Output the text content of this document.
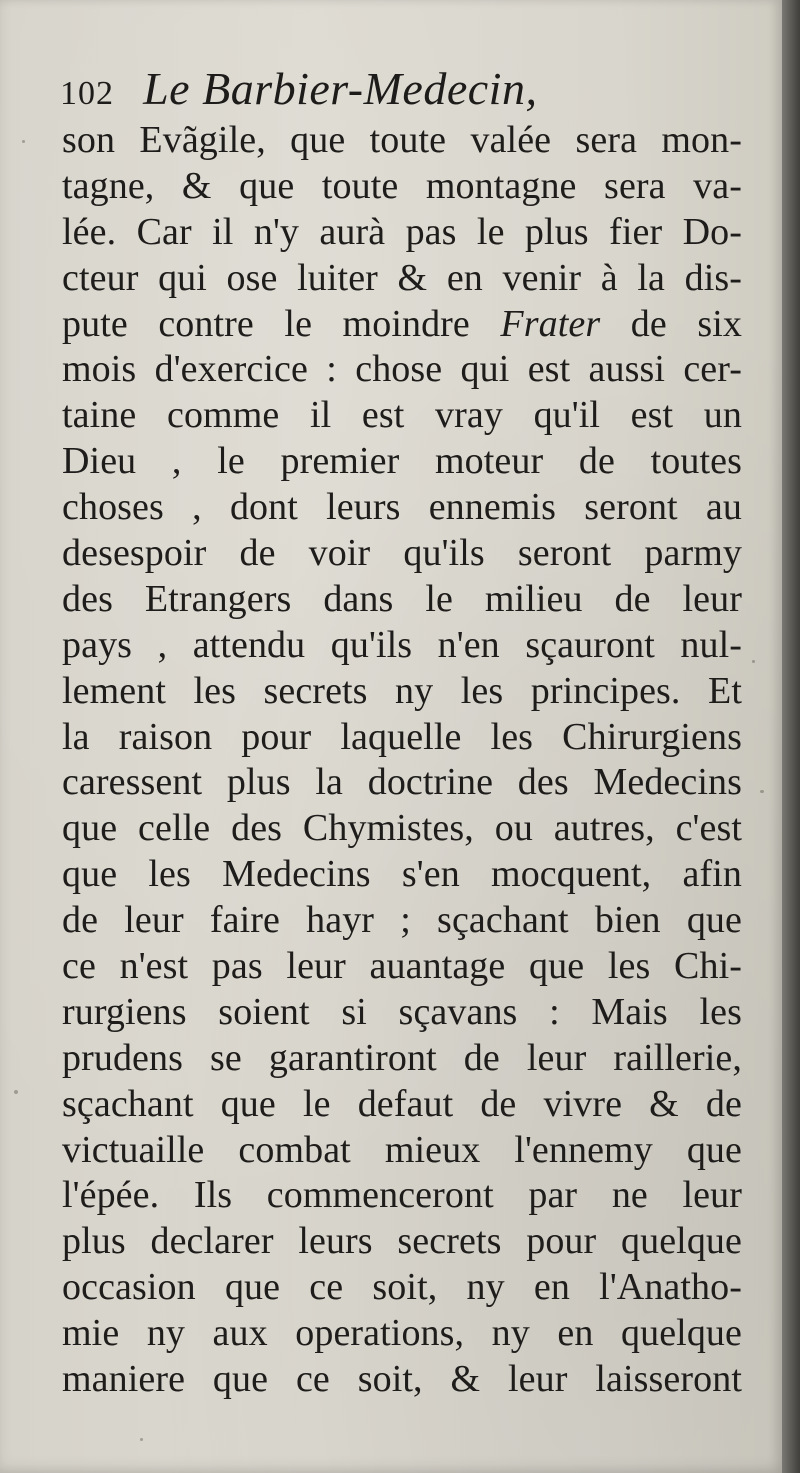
102 Le Barbier-Medecin,
son Evãgile, que toute valée sera mon-
tagne, & que toute montagne sera va-
lée. Car il n'y aurà pas le plus fier Do-
cteur qui ose luiter & en venir à la dis-
pute contre le moindre Frater de six
mois d'exercice : chose qui est aussi cer-
taine comme il est vray qu'il est un
Dieu , le premier moteur de toutes
choses , dont leurs ennemis seront au
desespoir de voir qu'ils seront parmy
des Etrangers dans le milieu de leur
pays , attendu qu'ils n'en sçauront nul-
lement les secrets ny les principes. Et
la raison pour laquelle les Chirurgiens
caressent plus la doctrine des Medecins
que celle des Chymistes, ou autres, c'est
que les Medecins s'en mocquent, afin
de leur faire hayr ; sçachant bien que
ce n'est pas leur auantage que les Chi-
rurgiens soient si sçavans : Mais les
prudens se garantiront de leur raillerie,
sçachant que le defaut de vivre & de
victuaille combat mieux l'ennemy que
l'épée. Ils commenceront par ne leur
plus declarer leurs secrets pour quelque
occasion que ce soit, ny en l'Anatho-
mie ny aux operations, ny en quelque
maniere que ce soit, & leur laisseront
